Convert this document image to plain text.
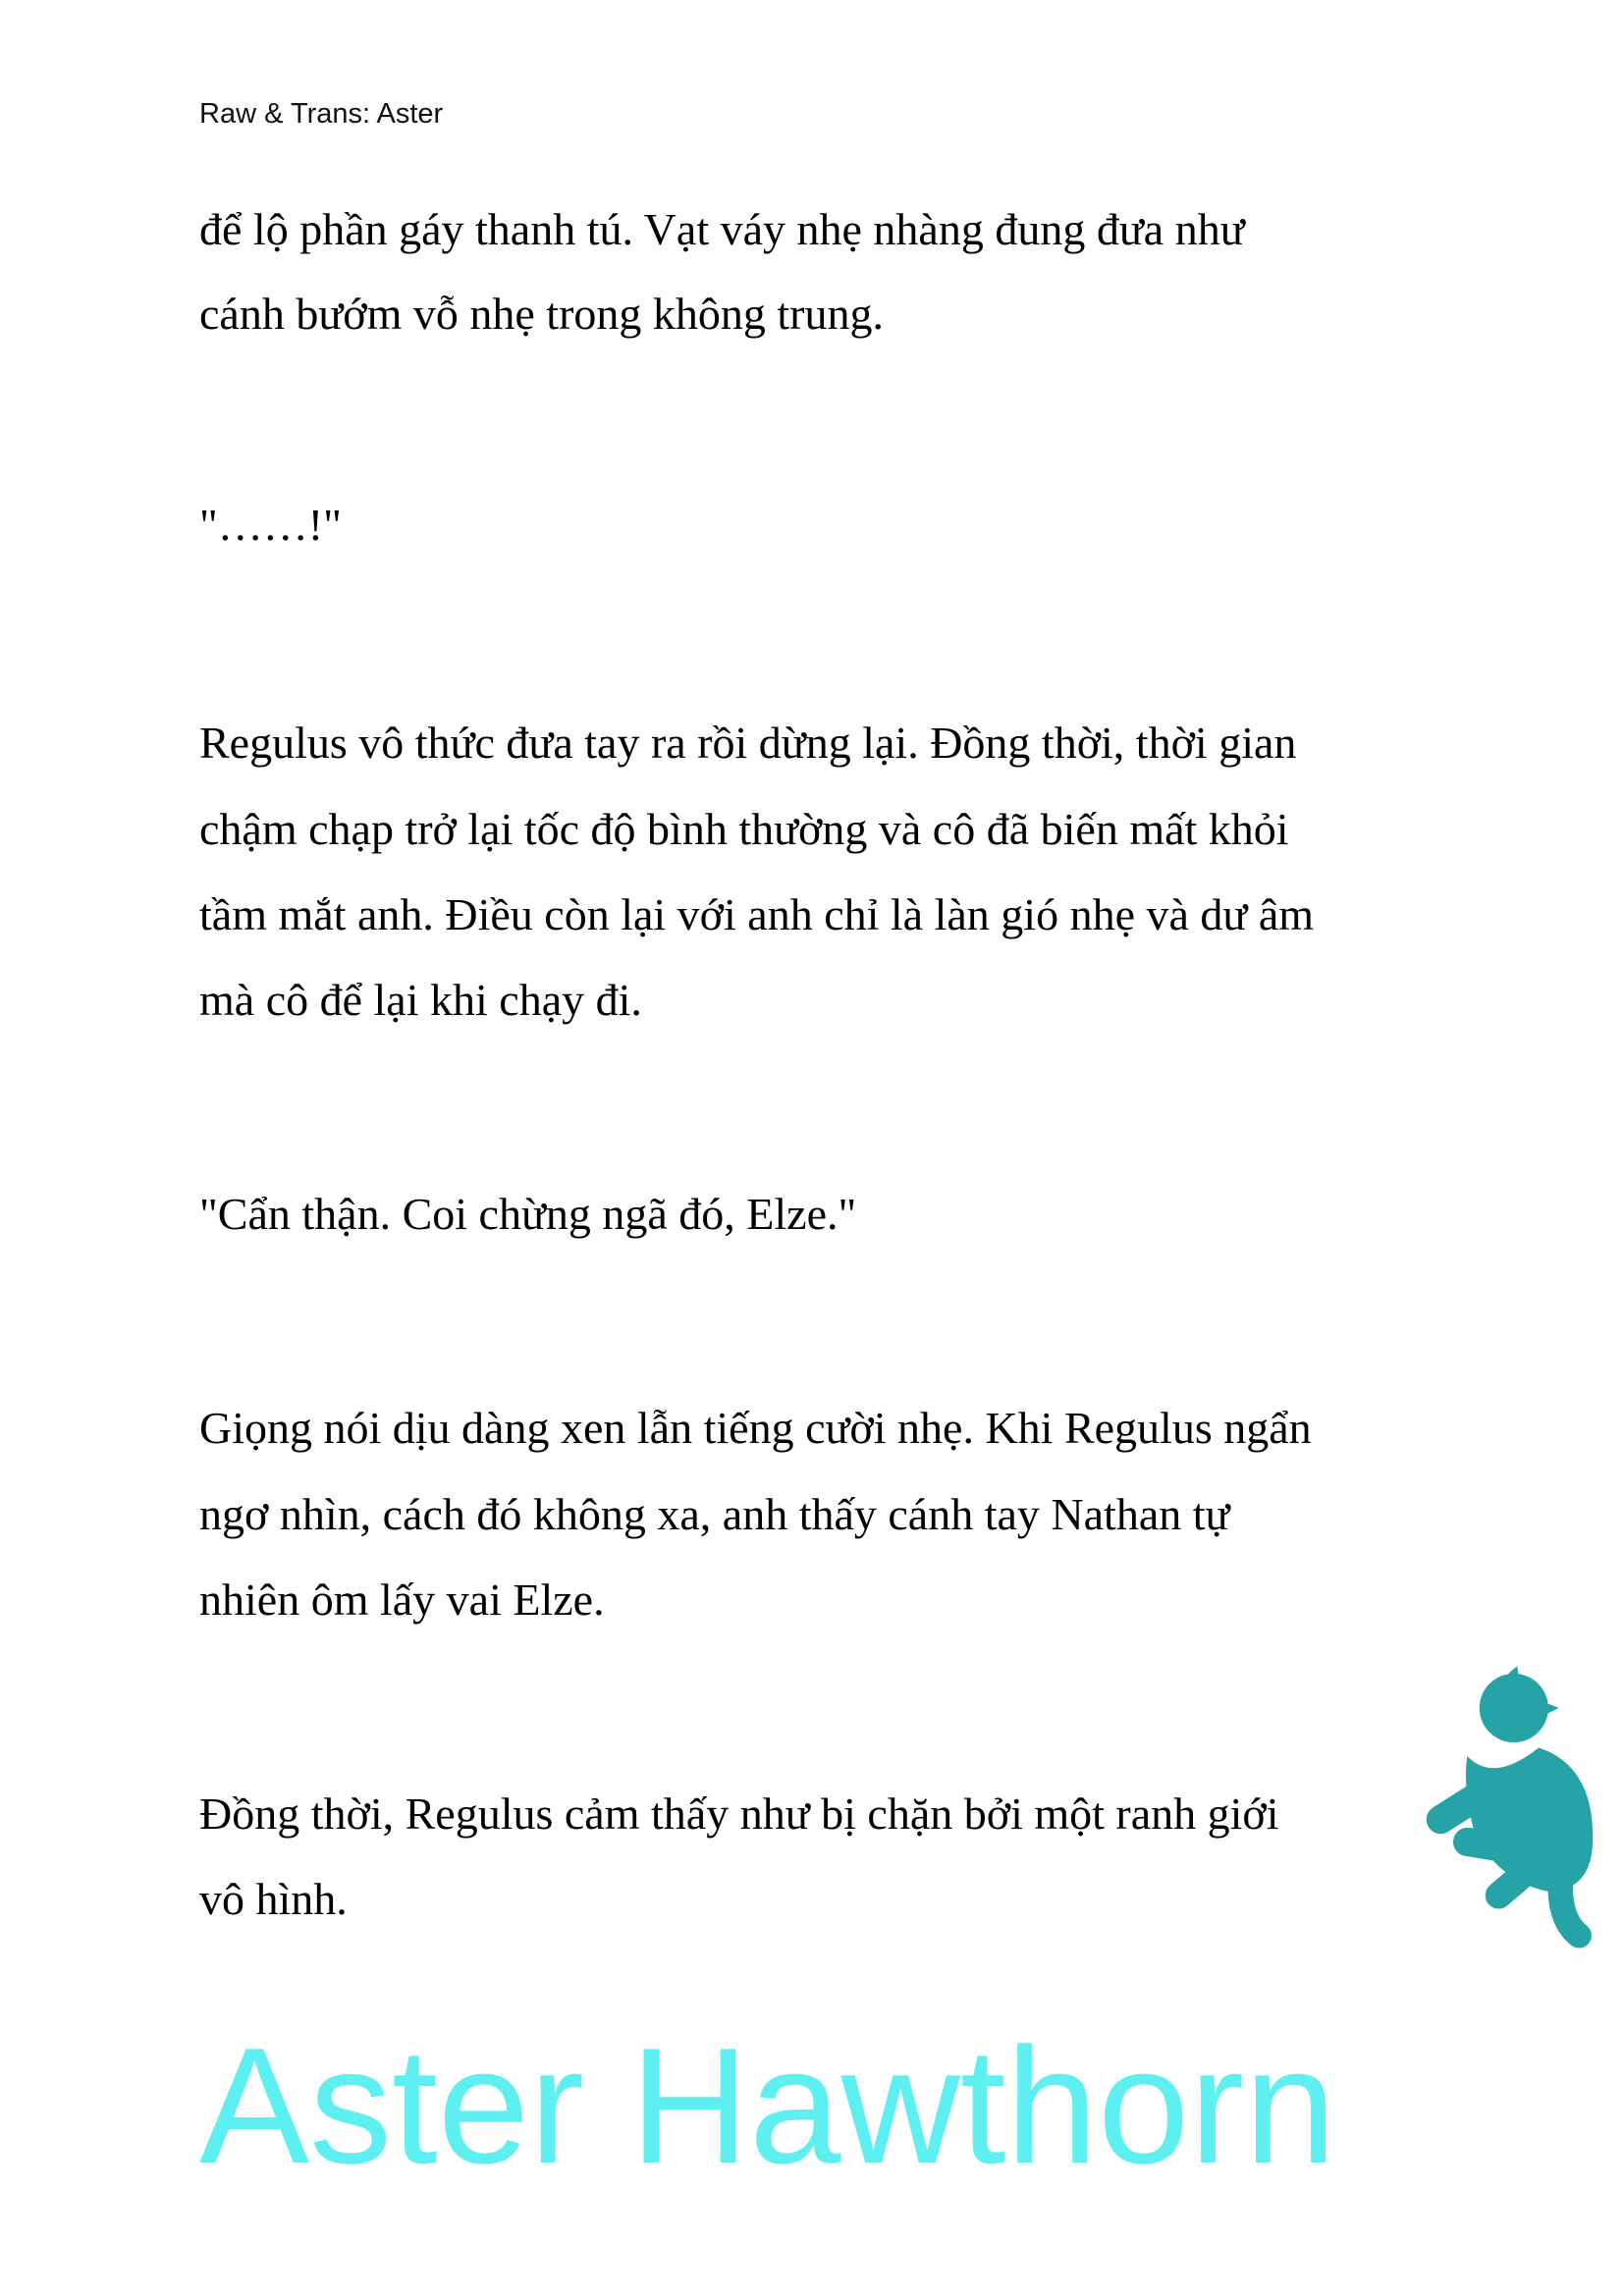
Raw & Trans: Aster
để lộ phần gáy thanh tú. Vạt váy nhẹ nhàng đung đưa như
cánh bướm vỗ nhẹ trong không trung.
"……!"
Regulus vô thức đưa tay ra rồi dừng lại. Đồng thời, thời gian
chậm chạp trở lại tốc độ bình thường và cô đã biến mất khỏi
tầm mắt anh. Điều còn lại với anh chỉ là làn gió nhẹ và dư âm
mà cô để lại khi chạy đi.
"Cẩn thận. Coi chừng ngã đó, Elze."
Giọng nói dịu dàng xen lẫn tiếng cười nhẹ. Khi Regulus ngẩn
ngơ nhìn, cách đó không xa, anh thấy cánh tay Nathan tự
nhiên ôm lấy vai Elze.
Đồng thời, Regulus cảm thấy như bị chặn bởi một ranh giới
vô hình.
Aster Hawthorn
